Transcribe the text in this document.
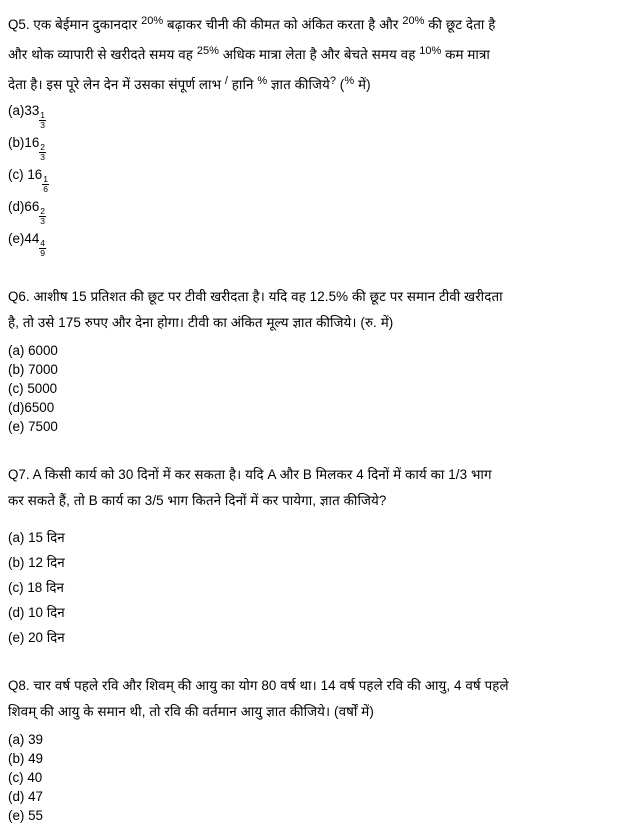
Q5. एक बेईमान दुकानदार $^{20\%}$ बढ़ाकर चीनी की कीमत को अंकित करता है और $^{20\%}$ की छूट देता है
और थोक व्यापारी से खरीदते समय वह $^{25\%}$ अधिक मात्रा लेता है और बेचते समय वह $^{10\%}$ कम मात्रा
देता है। इस पूरे लेन देन में उसका संपूर्ण लाभ / हानि % ज्ञात कीजिये? (% में)
(a)33
$\frac{1}{3}$
(b)16
$\frac{2}{3}$
(c) 16
$\frac{1}{6}$
(d)66
$\frac{2}{3}$
(e)44
$\frac{4}{9}$
Q6. आशीष 15 प्रतिशत की छूट पर टीवी खरीदता है। यदि वह 12.5% की छूट पर समान टीवी खरीदता
है, तो उसे 175 रुपए और देना होगा। टीवी का अंकित मूल्य ज्ञात कीजिये। (रु. में)
(a) 6000
(b) 7000
(c) 5000
(d)6500
(e) 7500
Q7. A किसी कार्य को 30 दिनों में कर सकता है। यदि A और B मिलकर 4 दिनों में कार्य का 1/3 भाग
कर सकते हैं, तो B कार्य का 3/5 भाग कितने दिनों में कर पायेगा, ज्ञात कीजिये?
(a) 15 दिन
(b) 12 दिन
(c) 18 दिन
(d) 10 दिन
(e) 20 दिन
Q8. चार वर्ष पहले रवि और शिवम् की आयु का योग 80 वर्ष था। 14 वर्ष पहले रवि की आयु, 4 वर्ष पहले
शिवम् की आयु के समान थी, तो रवि की वर्तमान आयु ज्ञात कीजिये। (वर्षों में)
(a) 39
(b) 49
(c) 40
(d) 47
(e) 55
